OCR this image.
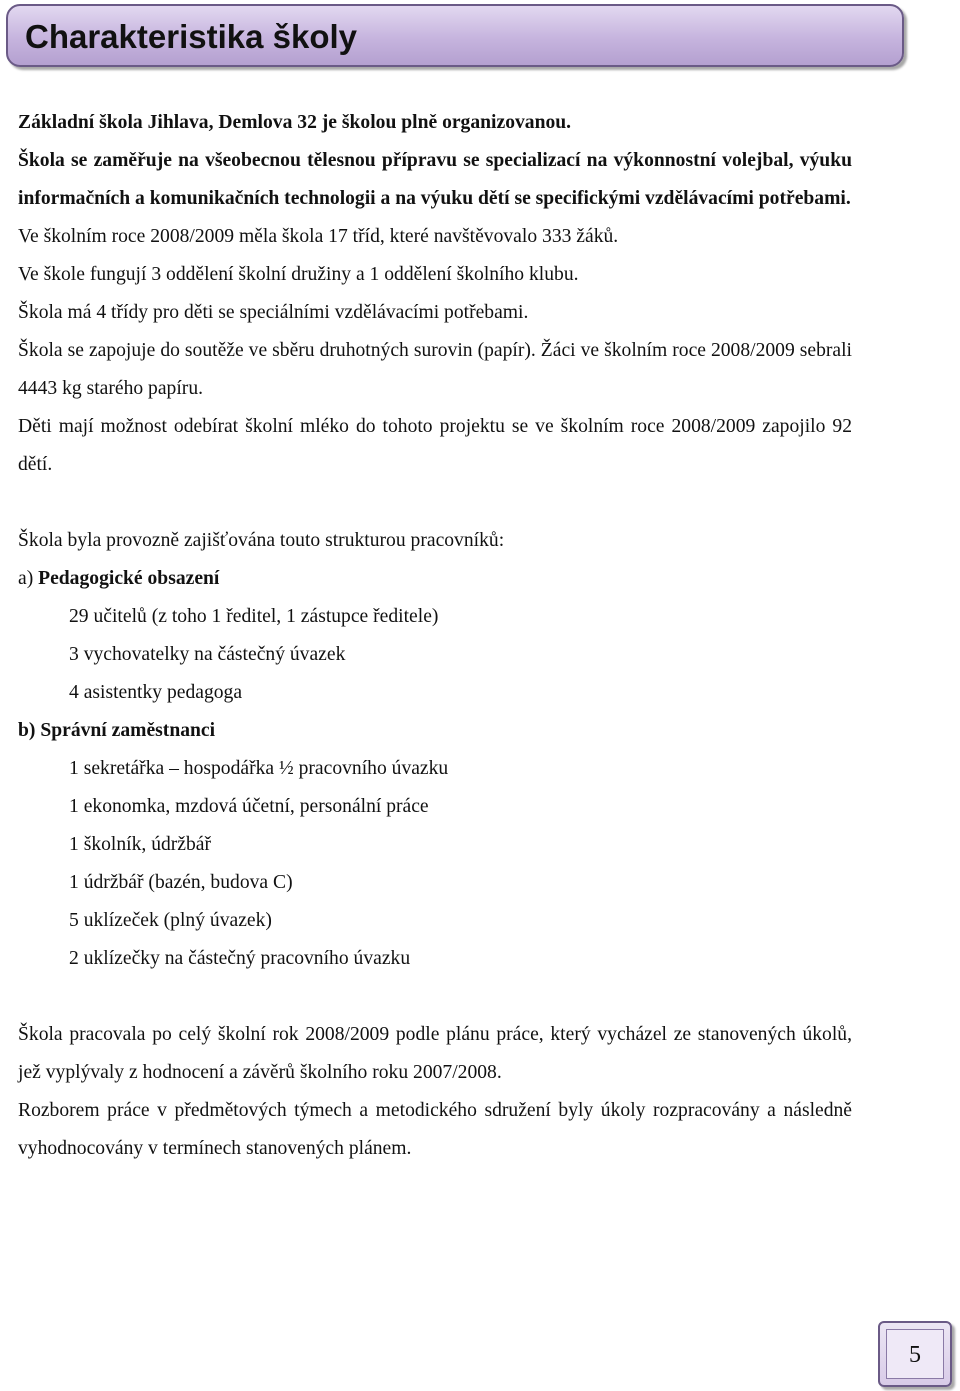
Charakteristika školy

Základní škola Jihlava, Demlova 32 je školou plně organizovanou.

Škola se zaměřuje na všeobecnou tělesnou přípravu se specializací na výkonnostní volejbal, výuku informačních a komunikačních technologii a na výuku dětí se specifickými vzdělávacími potřebami.

Ve školním roce 2008/2009 měla škola 17 tříd, které navštěvovalo 333 žáků.

Ve škole fungují 3 oddělení školní družiny a 1 oddělení školního klubu.

Škola má 4 třídy pro děti se speciálními vzdělávacími potřebami.

Škola se zapojuje do soutěže ve sběru druhotných surovin (papír). Žáci ve školním roce 2008/2009 sebrali 4443 kg starého papíru.

Děti mají možnost odebírat školní mléko do tohoto projektu se ve školním roce 2008/2009 zapojilo 92 dětí.

Škola byla provozně zajišťována touto strukturou pracovníků:

a) Pedagogické obsazení

29 učitelů (z toho 1 ředitel, 1 zástupce ředitele)

3 vychovatelky na částečný úvazek

4 asistentky pedagoga

b) Správní zaměstnanci

1 sekretářka – hospodářka ½ pracovního úvazku

1 ekonomka, mzdová účetní, personální práce

1 školník, údržbář

1 údržbář (bazén, budova C)

5 uklízeček (plný úvazek)

2 uklízečky na částečný pracovního úvazku

Škola pracovala po celý školní rok 2008/2009 podle plánu práce, který vycházel ze stanovených úkolů, jež vyplývaly z hodnocení a závěrů školního roku 2007/2008.

Rozborem práce v předmětových týmech a metodického sdružení byly úkoly rozpracovány a následně vyhodnocovány v termínech stanovených plánem.

5
